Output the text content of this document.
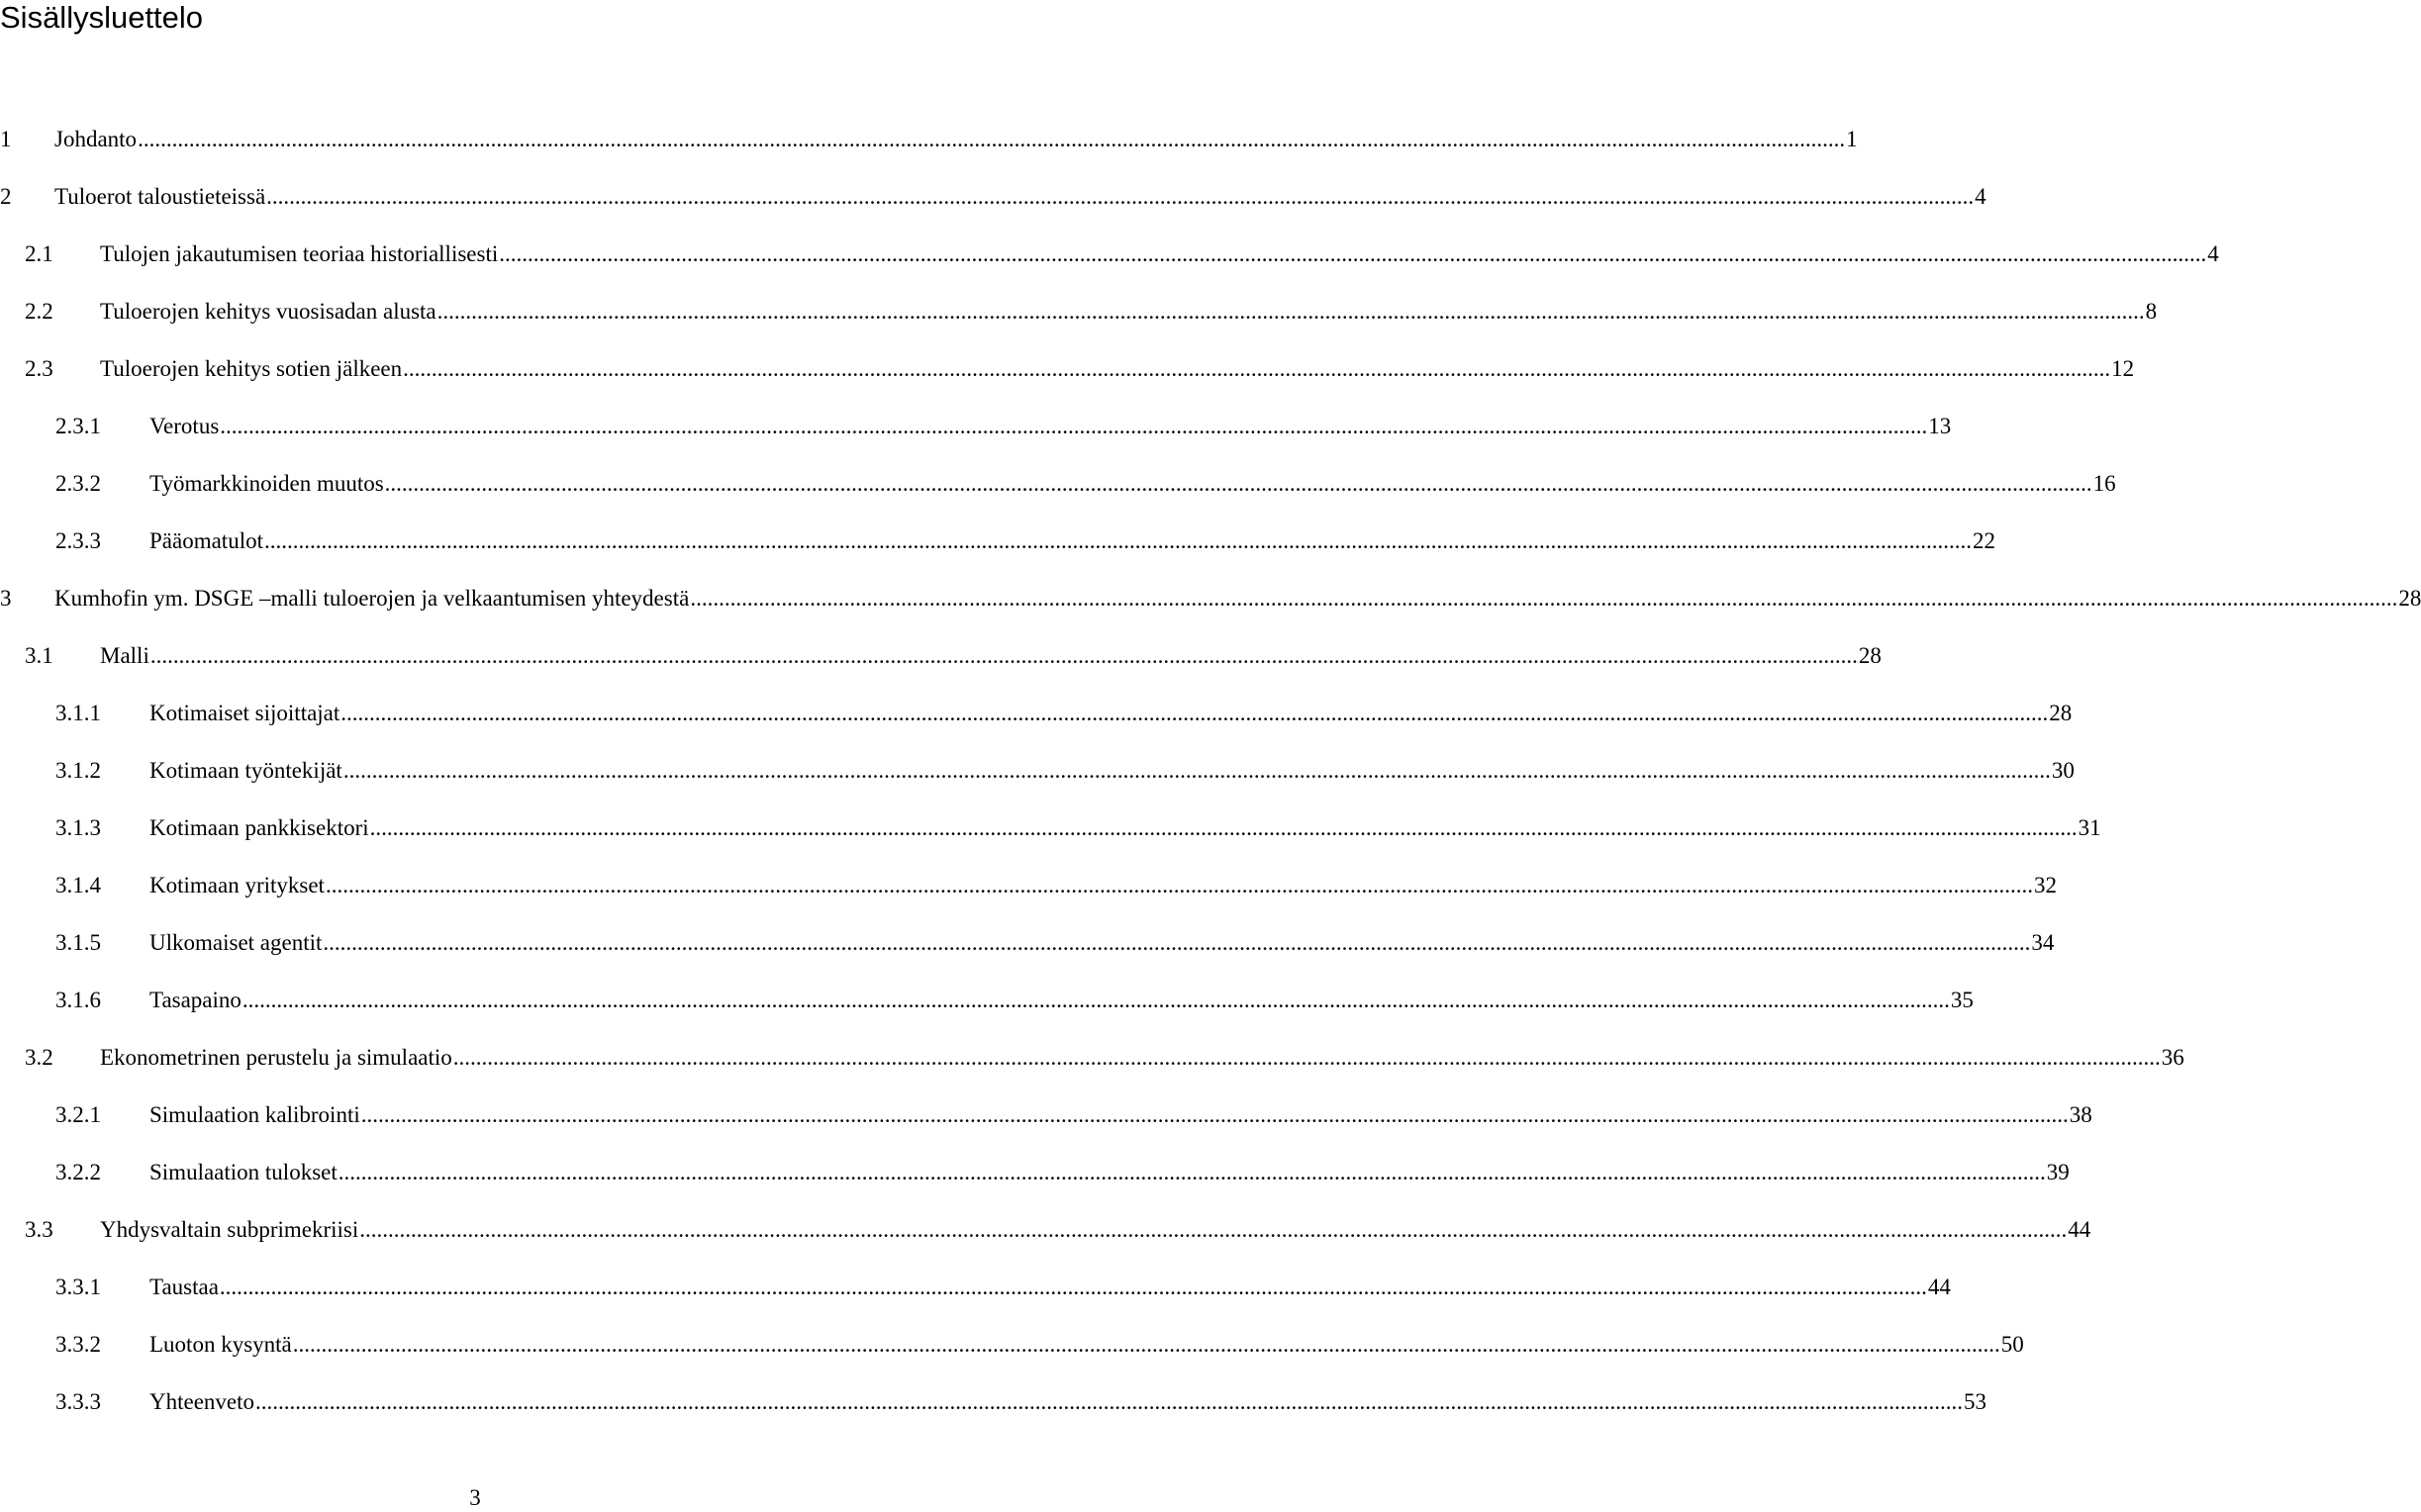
Sisällysluettelo
1	Johdanto ............................................................................................................................................................................................................................................................................................................ 1
2	Tuloerot taloustieteissä ............................................................................................................................................................................................................................................................................................................ 4
2.1	Tulojen jakautumisen teoriaa historiallisesti ............................................................................................................................................................................................................................................................................................................ 4
2.2	Tuloerojen kehitys vuosisadan alusta ............................................................................................................................................................................................................................................................................................................ 8
2.3	Tuloerojen kehitys sotien jälkeen ............................................................................................................................................................................................................................................................................................................ 12
2.3.1	Verotus ............................................................................................................................................................................................................................................................................................................ 13
2.3.2	Työmarkkinoiden muutos ............................................................................................................................................................................................................................................................................................................ 16
2.3.3	Pääomatulot ............................................................................................................................................................................................................................................................................................................ 22
3	Kumhofin ym. DSGE –malli tuloerojen ja velkaantumisen yhteydestä ............................................................................................................................................................................................................................................................................................................ 28
3.1	Malli ............................................................................................................................................................................................................................................................................................................ 28
3.1.1	Kotimaiset sijoittajat ............................................................................................................................................................................................................................................................................................................ 28
3.1.2	Kotimaan työntekijät ............................................................................................................................................................................................................................................................................................................ 30
3.1.3	Kotimaan pankkisektori ............................................................................................................................................................................................................................................................................................................ 31
3.1.4	Kotimaan yritykset ............................................................................................................................................................................................................................................................................................................ 32
3.1.5	Ulkomaiset agentit ............................................................................................................................................................................................................................................................................................................ 34
3.1.6	Tasapaino ............................................................................................................................................................................................................................................................................................................ 35
3.2	Ekonometrinen perustelu ja simulaatio ............................................................................................................................................................................................................................................................................................................ 36
3.2.1	Simulaation kalibrointi ............................................................................................................................................................................................................................................................................................................ 38
3.2.2	Simulaation tulokset ............................................................................................................................................................................................................................................................................................................ 39
3.3	Yhdysvaltain subprimekriisi ............................................................................................................................................................................................................................................................................................................ 44
3.3.1	Taustaa ............................................................................................................................................................................................................................................................................................................ 44
3.3.2	Luoton kysyntä ............................................................................................................................................................................................................................................................................................................ 50
3.3.3	Yhteenveto ............................................................................................................................................................................................................................................................................................................ 53
3
